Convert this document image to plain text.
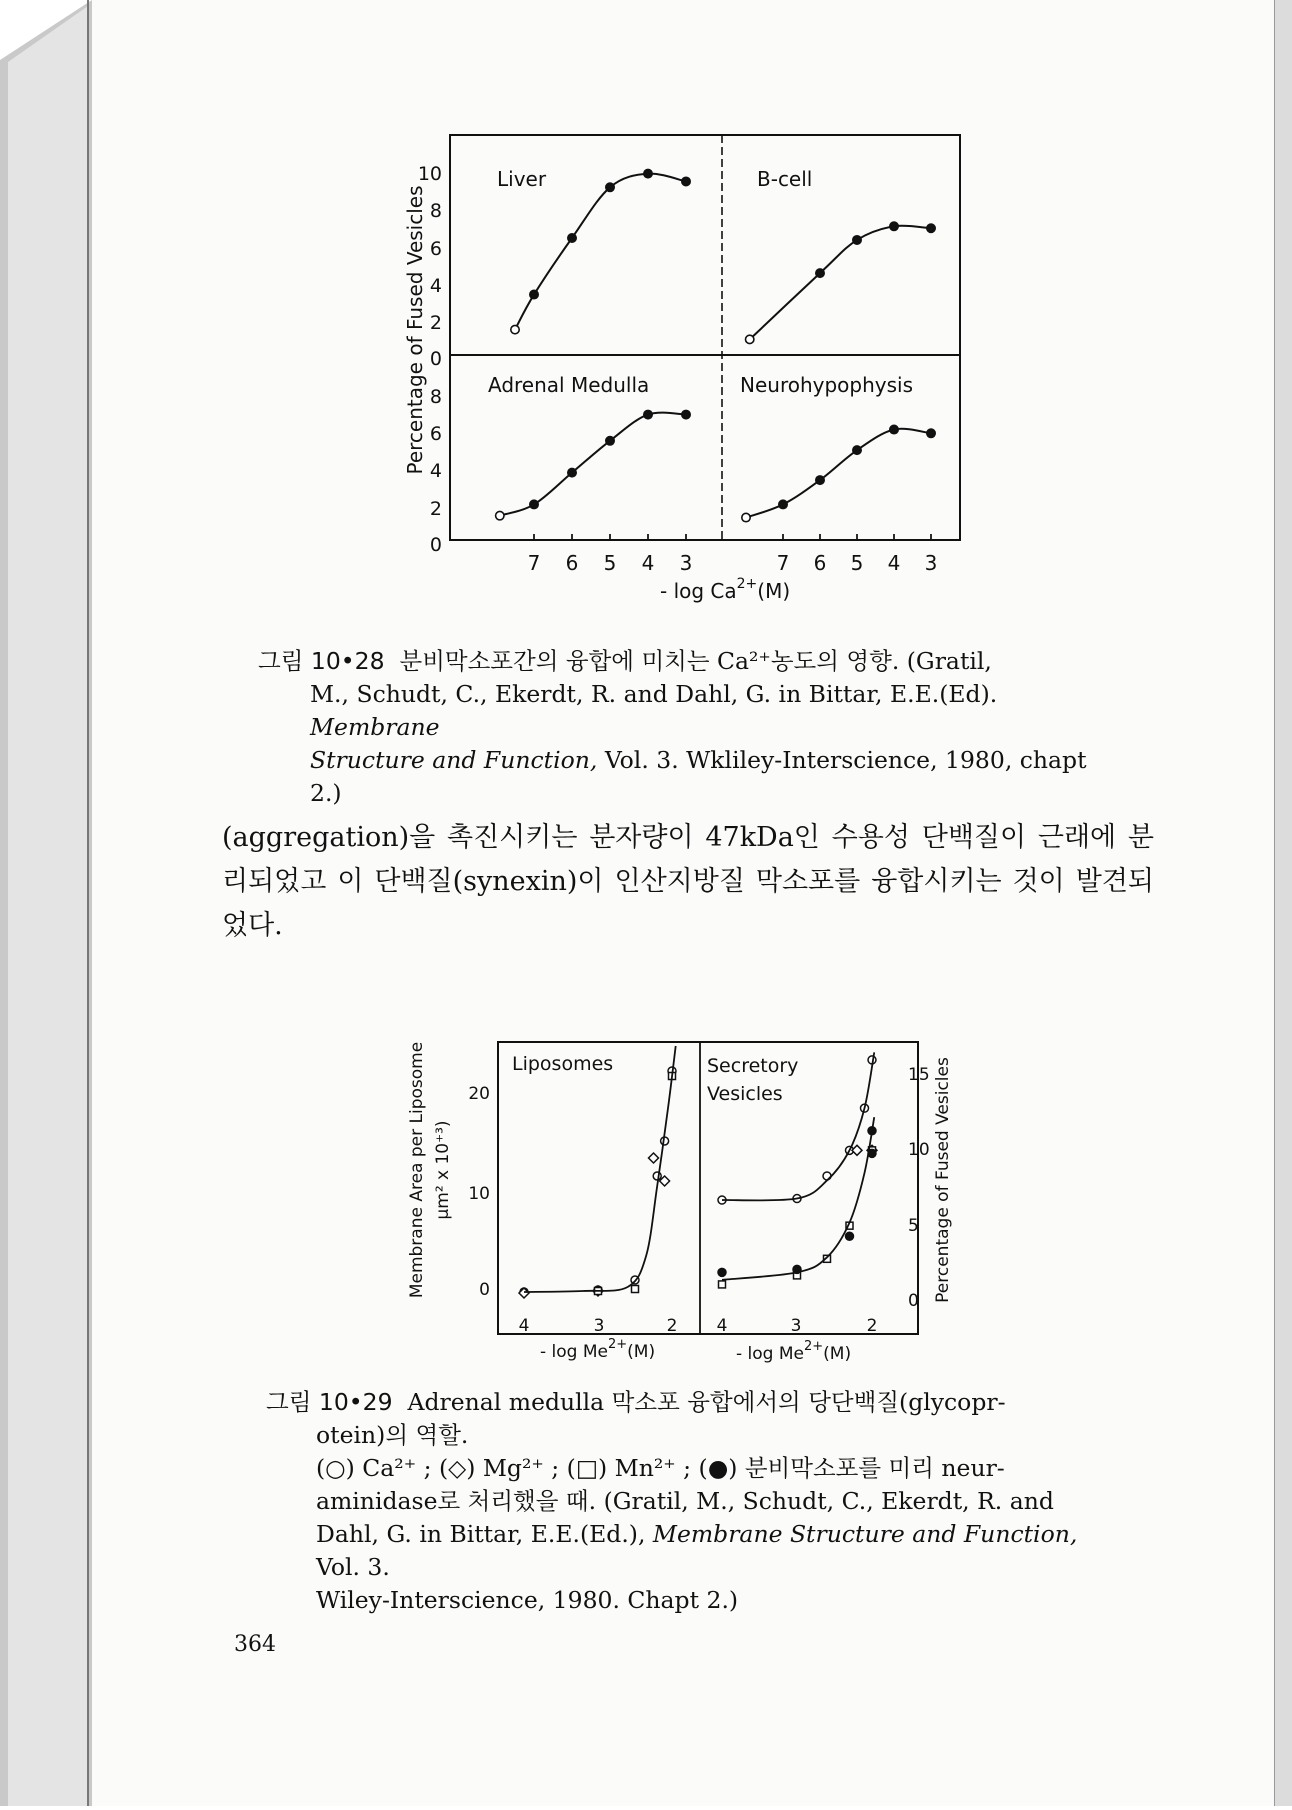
Percentage of Fused Vesicles
10
8
6
4
2
0
8
6
4
2
0
Liver	B-cell
Adrenal Medulla	Neurohypophysis
7 6 5 4 3	7 6 5 4 3
- $\log Ca^{2+}(M)$
그림 10•28 분비막소포간의 융합에 미치는 Ca²⁺농도의 영향. (Gratil,
M., Schudt, C., Ekerdt, R. and Dahl, G. in Bittar, E.E.(Ed). Membrane
Structure and Function, Vol. 3. Wkliley-Interscience, 1980, chapt 2.)
(aggregation)을 촉진시키는 분자량이 47kDa인 수용성 단백질이 근래에 분리되었고 이 단백질(synexin)이 인산지방질 막소포를 융합시키는 것이 발견되었다.
Membrane Area per Liposome µm² x 10⁺³)	Percentage of Fused Vesicles
20
10
0
15
10
5
0
Liposomes	Secretory
Vesicles
4	3	2 4	3	2
- $\log Me^{2+}(M)$	- $\log Me^{2+}(M)$
그림 10•29 Adrenal medulla 막소포 융합에서의 당단백질(glycopr-
otein)의 역할.
(○) Ca²⁺ ; (◇) Mg²⁺ ; (□) Mn²⁺ ; (●) 분비막소포를 미리 neur-
aminidase로 처리했을 때. (Gratil, M., Schudt, C., Ekerdt, R. and
Dahl, G. in Bittar, E.E.(Ed.), Membrane Structure and Function, Vol. 3.
Wiley-Interscience, 1980. Chapt 2.)
364
